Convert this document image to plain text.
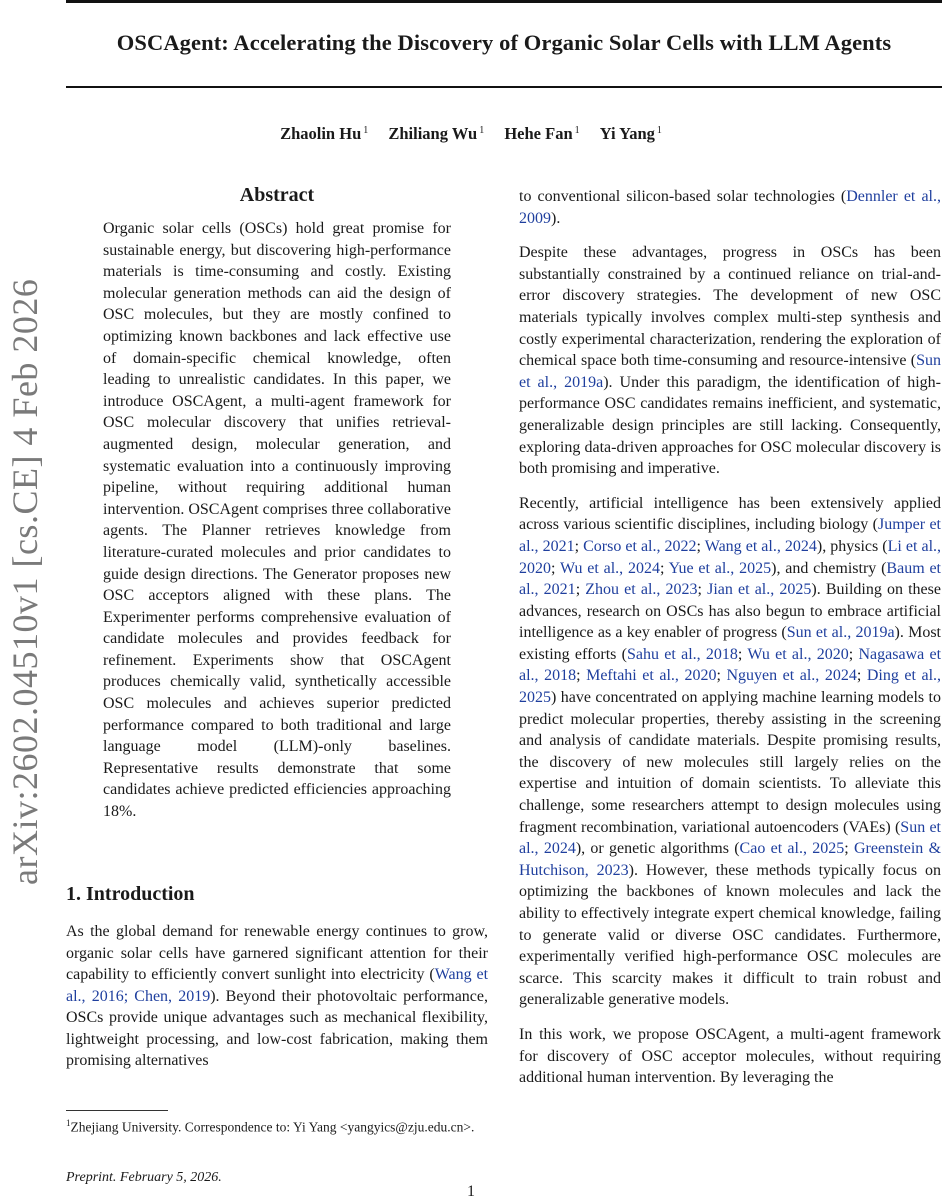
OSCAgent: Accelerating the Discovery of Organic Solar Cells with LLM Agents
Zhaolin Hu $^1$ Zhiliang Wu $^1$ Hehe Fan $^1$ Yi Yang $^1$
arXiv:2602.04510v1 [cs.CE] 4 Feb 2026
Abstract
Organic solar cells (OSCs) hold great promise for sustainable energy, but discovering high-performance materials is time-consuming and costly. Existing molecular generation methods can aid the design of OSC molecules, but they are mostly confined to optimizing known backbones and lack effective use of domain-specific chemical knowledge, often leading to unrealistic candidates. In this paper, we introduce OSCAgent, a multi-agent framework for OSC molecular discovery that unifies retrieval-augmented design, molecular generation, and systematic evaluation into a continuously improving pipeline, without requiring additional human intervention. OSCAgent comprises three collaborative agents. The Planner retrieves knowledge from literature-curated molecules and prior candidates to guide design directions. The Generator proposes new OSC acceptors aligned with these plans. The Experimenter performs comprehensive evaluation of candidate molecules and provides feedback for refinement. Experiments show that OSCAgent produces chemically valid, synthetically accessible OSC molecules and achieves superior predicted performance compared to both traditional and large language model (LLM)-only baselines. Representative results demonstrate that some candidates achieve predicted efficiencies approaching 18%.
1. Introduction
As the global demand for renewable energy continues to grow, organic solar cells have garnered significant attention for their capability to efficiently convert sunlight into electricity (Wang et al., 2016; Chen, 2019). Beyond their photovoltaic performance, OSCs provide unique advantages such as mechanical flexibility, lightweight processing, and low-cost fabrication, making them promising alternatives
$^1$Zhejiang University. Correspondence to: Yi Yang <yangyics@zju.edu.cn>.
Preprint. February 5, 2026.

to conventional silicon-based solar technologies (Dennler et al., 2009).

Despite these advantages, progress in OSCs has been substantially constrained by a continued reliance on trial-and-error discovery strategies. The development of new OSC materials typically involves complex multi-step synthesis and costly experimental characterization, rendering the exploration of chemical space both time-consuming and resource-intensive (Sun et al., 2019a). Under this paradigm, the identification of high-performance OSC candidates remains inefficient, and systematic, generalizable design principles are still lacking. Consequently, exploring data-driven approaches for OSC molecular discovery is both promising and imperative.

Recently, artificial intelligence has been extensively applied across various scientific disciplines, including biology (Jumper et al., 2021; Corso et al., 2022; Wang et al., 2024), physics (Li et al., 2020; Wu et al., 2024; Yue et al., 2025), and chemistry (Baum et al., 2021; Zhou et al., 2023; Jian et al., 2025). Building on these advances, research on OSCs has also begun to embrace artificial intelligence as a key enabler of progress (Sun et al., 2019a). Most existing efforts (Sahu et al., 2018; Wu et al., 2020; Nagasawa et al., 2018; Meftahi et al., 2020; Nguyen et al., 2024; Ding et al., 2025) have concentrated on applying machine learning models to predict molecular properties, thereby assisting in the screening and analysis of candidate materials. Despite promising results, the discovery of new molecules still largely relies on the expertise and intuition of domain scientists. To alleviate this challenge, some researchers attempt to design molecules using fragment recombination, variational autoencoders (VAEs) (Sun et al., 2024), or genetic algorithms (Cao et al., 2025; Greenstein & Hutchison, 2023). However, these methods typically focus on optimizing the backbones of known molecules and lack the ability to effectively integrate expert chemical knowledge, failing to generate valid or diverse OSC candidates. Furthermore, experimentally verified high-performance OSC molecules are scarce. This scarcity makes it difficult to train robust and generalizable generative models.

In this work, we propose OSCAgent, a multi-agent framework for discovery of OSC acceptor molecules, without requiring additional human intervention. By leveraging the

1
